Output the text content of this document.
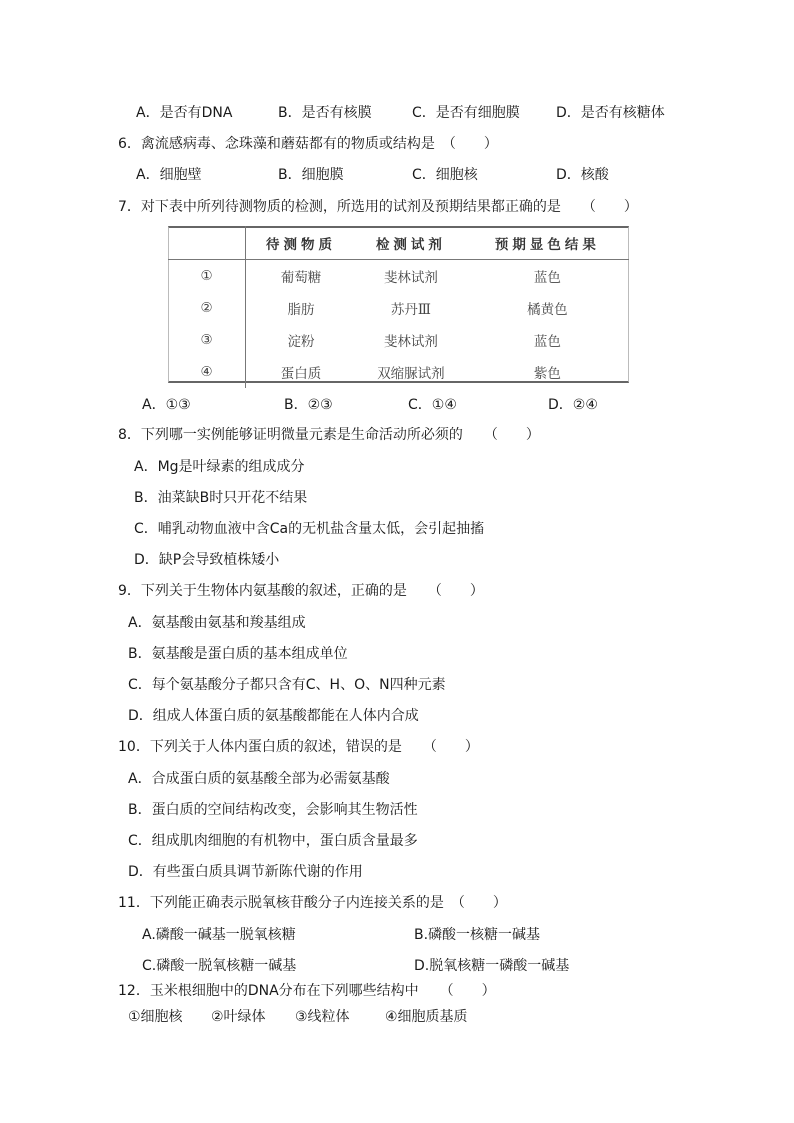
A．是否有DNA	B．是否有核膜	C．是否有细胞膜	D．是否有核糖体
6．禽流感病毒、念珠藻和蘑菇都有的物质或结构是　（　　）
A．细胞壁	B．细胞膜	C．细胞核	D．核酸
7．对下表中所列待测物质的检测，所选用的试剂及预期结果都正确的是　　（　　）
	待测物质	检测试剂	预期显色结果
①	葡萄糖	斐林试剂	蓝色
②	脂肪	苏丹Ⅲ	橘黄色
③	淀粉	斐林试剂	蓝色
④	蛋白质	双缩脲试剂	紫色
A．①③	B．②③	C．①④	D．②④
8．下列哪一实例能够证明微量元素是生命活动所必须的　　（　　）
A．Mg是叶绿素的组成成分
B．油菜缺B时只开花不结果
C．哺乳动物血液中含Ca的无机盐含量太低，会引起抽搐
D．缺P会导致植株矮小
9．下列关于生物体内氨基酸的叙述，正确的是　　（　　）
A．氨基酸由氨基和羧基组成
B．氨基酸是蛋白质的基本组成单位
C．每个氨基酸分子都只含有C、H、O、N四种元素
D．组成人体蛋白质的氨基酸都能在人体内合成
10．下列关于人体内蛋白质的叙述，错误的是　　（　　）
A．合成蛋白质的氨基酸全部为必需氨基酸
B．蛋白质的空间结构改变，会影响其生物活性
C．组成肌肉细胞的有机物中，蛋白质含量最多
D．有些蛋白质具调节新陈代谢的作用
11．下列能正确表示脱氧核苷酸分子内连接关系的是　（　　）
A.磷酸一碱基一脱氧核糖	B.磷酸一核糖一碱基
C.磷酸一脱氧核糖一碱基	D.脱氧核糖一磷酸一碱基
12．玉米根细胞中的DNA分布在下列哪些结构中　　（　　）
①细胞核	②叶绿体	③线粒体	④细胞质基质
